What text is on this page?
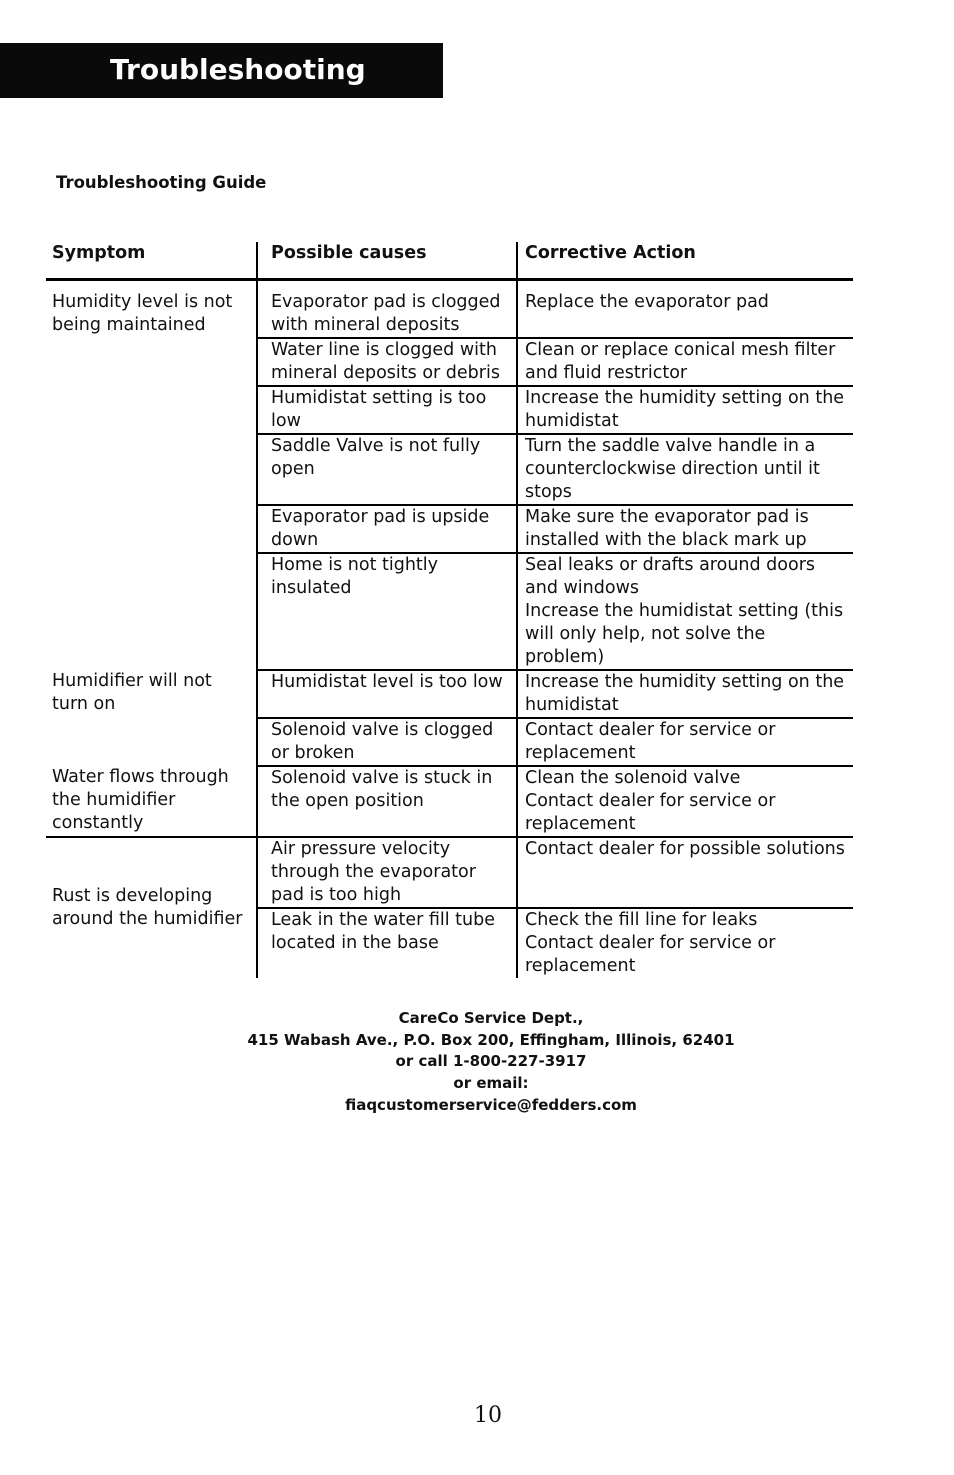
Troubleshooting
Troubleshooting Guide
Symptom	Possible causes	Corrective Action

Humidity level is not being maintained	Evaporator pad is clogged with mineral deposits	Replace the evaporator pad

	Water line is clogged with mineral deposits or debris	Clean or replace conical mesh filter and fluid restrictor

	Humidistat setting is too low	Increase the humidity setting on the humidistat

	Saddle Valve is not fully open	Turn the saddle valve handle in a counterclockwise direction until it stops

	Evaporator pad is upside down	Make sure the evaporator pad is installed with the black mark up

	Home is not tightly insulated	Seal leaks or drafts around doors and windows
Increase the humidistat setting (this will only help, not solve the problem)

Humidifier will not turn on	Humidistat level is too low	Increase the humidity setting on the humidistat

	Solenoid valve is clogged or broken	Contact dealer for service or replacement

Water flows through the humidifier constantly	Solenoid valve is stuck in the open position	Clean the solenoid valve
Contact dealer for service or replacement

Rust is developing around the humidifier	Air pressure velocity through the evaporator pad is too high	Contact dealer for possible solutions

	Leak in the water fill tube located in the base	Check the fill line for leaks
Contact dealer for service or replacement
CareCo Service Dept.,
415 Wabash Ave., P.O. Box 200, Effingham, Illinois, 62401
or call 1-800-227-3917
or email:
fiaqcustomerservice@fedders.com
10
